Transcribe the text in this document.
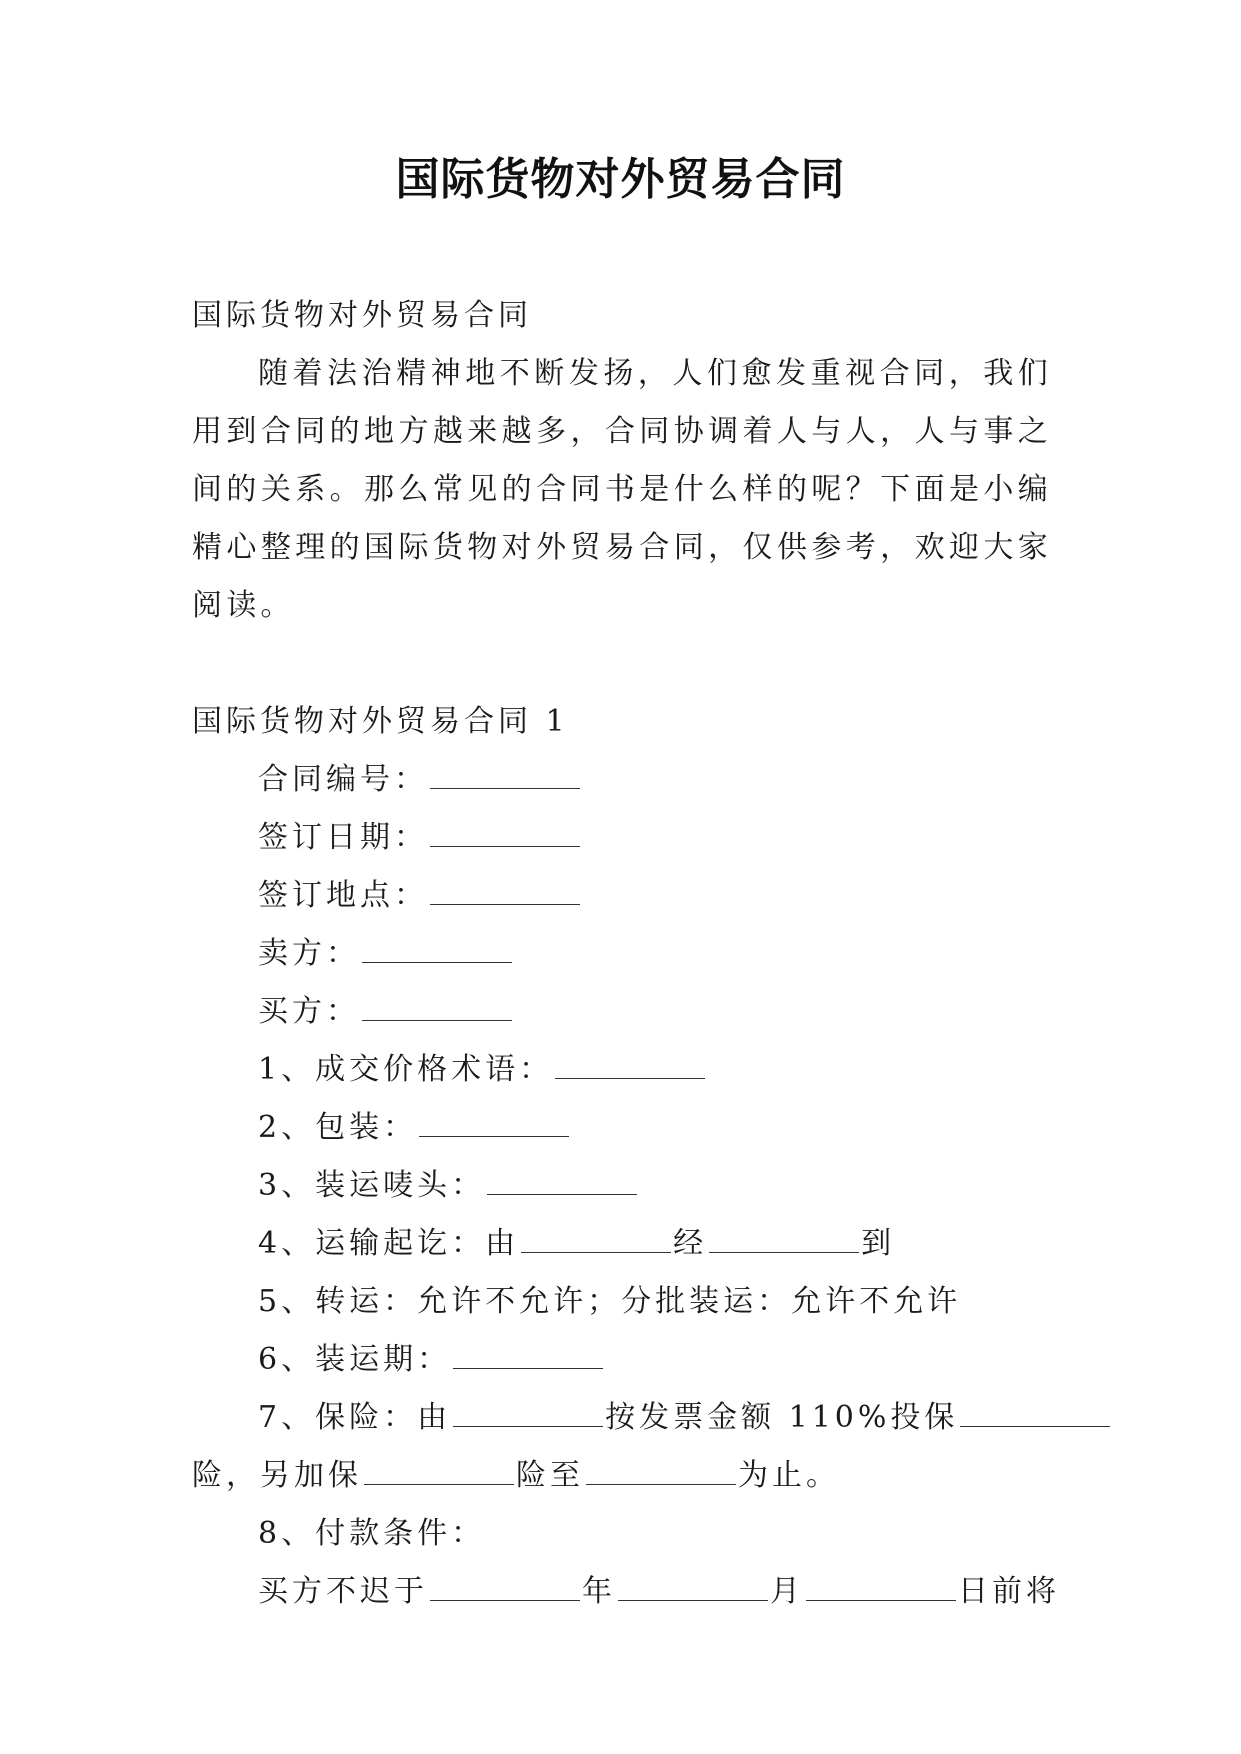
国际货物对外贸易合同
国际货物对外贸易合同
随着法治精神地不断发扬，人们愈发重视合同，我们用到合同的地方越来越多，合同协调着人与人，人与事之间的关系。那么常见的合同书是什么样的呢？下面是小编精心整理的国际货物对外贸易合同，仅供参考，欢迎大家阅读。
国际货物对外贸易合同 1
合同编号：
签订日期：
签订地点：
卖方：
买方：
1、成交价格术语：
2、包装：
3、装运唛头：
4、运输起讫：由	经	到
5、转运：允许不允许；分批装运：允许不允许
6、装运期：
7、保险：由	按发票金额 110%投保
险，另加保	险至	为止。
8、付款条件：
买方不迟于	年	月	日前将
